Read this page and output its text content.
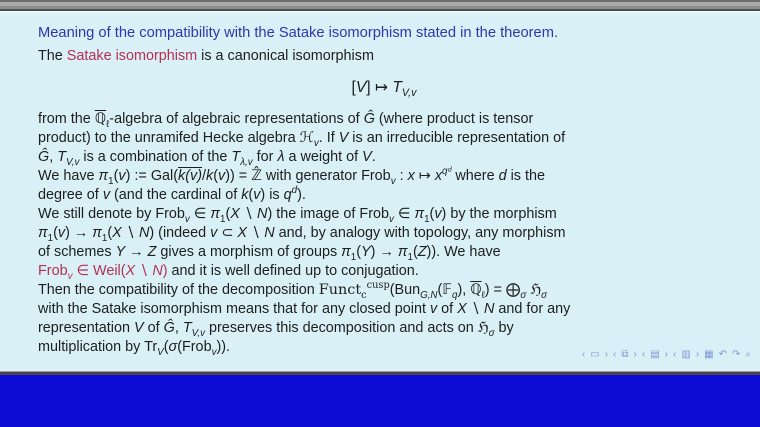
Meaning of the compatibility with the Satake isomorphism stated in the theorem.
The Satake isomorphism is a canonical isomorphism
[V] ↦ $T_{V,v}$
from the ℚ$_\ell$-algebra of algebraic representations of Ĝ (where product is tensor
product) to the unramifed Hecke algebra ℋ$_v$. If V is an irreducible representation of
Ĝ, $T_{V,v}$ is a combination of the $T_{\lambda,v}$ for λ a weight of V.
We have $\pi_1(v)$ := Gal(k(v)/k(v)) = ℤ̂ with generator Frob$_v$ : x ↦ $x^{qᵈ}$ where d is the
degree of v (and the cardinal of k(v) is $q^d$).
We still denote by Frob$_v$ ∈ $\pi_1(X$ ∖ N) the image of Frob$_v$ ∈ $\pi_1(v)$ by the morphism
$\pi_1(v) \to \pi_1(X$ ∖ N) (indeed v ⊂ X ∖ N and, by analogy with topology, any morphism
of schemes Y → Z gives a morphism of groups $\pi_1(Y) \to \pi_1(Z)$). We have
Frob$_v$ ∈ Weil(X ∖ N) and it is well defined up to conjugation.
Then the compatibility of the decomposition Funct$_c^{cusp}$(Bun$_{G,N}$(𝔽$_q$), ℚ$_\ell$) = $⨁_\sigma$ ℌ$_\sigma$
with the Satake isomorphism means that for any closed point v of X ∖ N and for any
representation V of Ĝ, $T_{V,v}$ preserves this decomposition and acts on ℌ$_\sigma$ by
multiplication by $Tr_V(\sigma(Frob_v))$.	‹ ▭ › ‹ ⧉ › ‹ ▤ › ‹ ▥ › ▦ ↶ ↷ ⌕
